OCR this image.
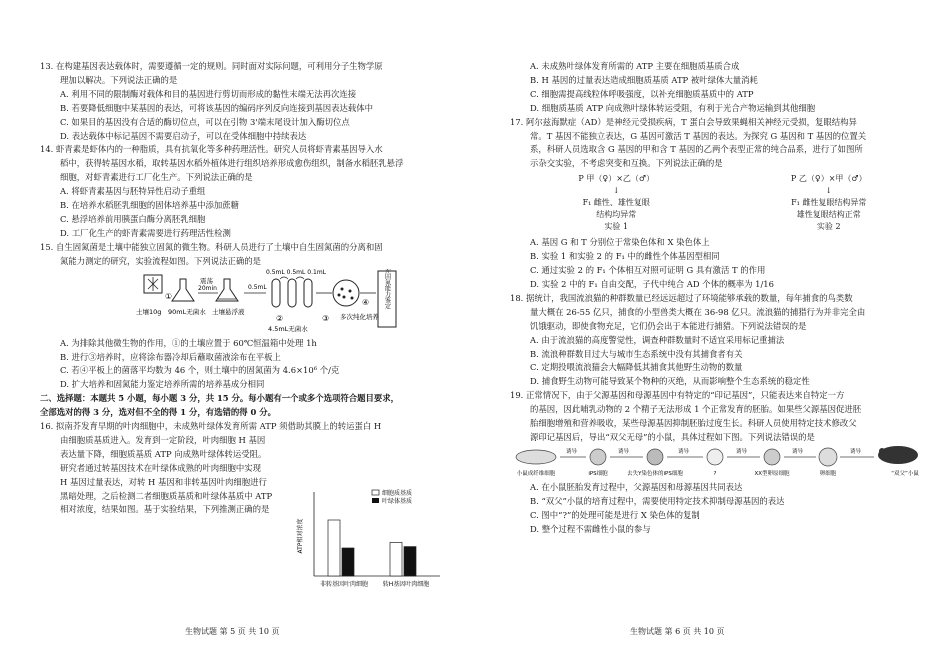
13. 在构建基因表达载体时，需要遵循一定的规则。同时面对实际问题，可利用分子生物学原

理加以解决。下列说法正确的是

A. 利用不同的限制酶对载体和目的基因进行剪切而形成的黏性末端无法再次连接

B. 若要降低细胞中某基因的表达，可将该基因的编码序列反向连接到基因表达载体中

C. 如果目的基因没有合适的酶切位点，可以在引物 3'端末尾设计加入酶切位点

D. 表达载体中标记基因不需要启动子，可以在受体细胞中持续表达

14. 虾青素是虾体内的一种脂质，具有抗氧化等多种药理活性。研究人员将虾青素基因导入水

稻中，获得转基因水稻，取转基因水稻外植体进行组织培养形成愈伤组织，制备水稻胚乳悬浮

细胞，对虾青素进行工厂化生产。下列说法正确的是

A. 将虾青素基因与胚特异性启动子重组

B. 在培养水稻胚乳细胞的固体培养基中添加蔗糖

C. 悬浮培养前用胰蛋白酶分离胚乳细胞

D. 工厂化生产的虾青素需要进行药理活性检测

15. 自生固氮菌是土壤中能独立固氮的微生物。科研人员进行了土壤中自生固氮菌的分离和固

氮能力测定的研究，实验流程如图。下列说法正确的是

土壤10g
①
90mL无菌水
震荡
20min
土壤悬浮液
0.5mL
0.5mL 0.5mL 0.1mL
②
4.5mL无菌水
③
④
多次纯化培养
扩大培养固氮能力鉴定

A. 为排除其他微生物的作用，①的土壤应置于 60℃恒温箱中处理 1h

B. 进行③培养时，应将涂布器冷却后蘸取菌液涂布在平板上

C. 若④平板上的菌落平均数为 46 个，则土壤中的固氮菌为 4.6×10⁶ 个/克

D. 扩大培养和固氮能力鉴定培养所需的培养基成分相同

二、选择题：本题共 5 小题，每小题 3 分，共 15 分。每小题有一个或多个选项符合题目要求，

全部选对的得 3 分，选对但不全的得 1 分，有选错的得 0 分。

16. 拟南芥发育早期的叶肉细胞中，未成熟叶绿体发育所需 ATP 须借助其膜上的转运蛋白 H

由细胞质基质进入。发育到一定阶段，叶肉细胞 H 基因

表达量下降，细胞质基质 ATP 向成熟叶绿体转运受阻。

研究者通过转基因技术在叶绿体成熟的叶肉细胞中实现

H 基因过量表达，对转 H 基因和非转基因叶肉细胞进行

黑暗处理，之后检测二者细胞质基质和叶绿体基质中 ATP

相对浓度，结果如图。基于实验结果，下列推测正确的是

ATP相对浓度
细胞质基质
叶绿体基质
非转基因叶肉细胞 转H基因叶肉细胞
生物试题 第 5 页 共 10 页

A. 未成熟叶绿体发育所需的 ATP 主要在细胞质基质合成

B. H 基因的过量表达造成细胞质基质 ATP 被叶绿体大量消耗

C. 细胞需提高线粒体呼吸强度，以补充细胞质基质中的 ATP

D. 细胞质基质 ATP 向成熟叶绿体转运受阻，有利于光合产物运输到其他细胞

17. 阿尔兹海默症（AD）是神经元受损疾病，T 蛋白会导致果蝇相关神经元受损，复眼结构异

常。T 基因不能独立表达，G 基因可激活 T 基因的表达。为探究 G 基因和 T 基因的位置关

系，科研人员选取含 G 基因的甲和含 T 基因的乙两个表型正常的纯合品系，进行了如图所

示杂交实验，不考虑突变和互换。下列说法正确的是

P 甲（♀）×乙（♂）
↓
F₁ 雌性、雄性复眼
结构均异常
实验 1
P 乙（♀）×甲（♂）
↓
F₁ 雌性复眼结构异常
雄性复眼结构正常
实验 2

A. 基因 G 和 T 分别位于常染色体和 X 染色体上

B. 实验 1 和实验 2 的 F₁ 中的雌性个体基因型相同

C. 通过实验 2 的 F₁ 个体相互对照可证明 G 具有激活 T 的作用

D. 实验 2 中的 F₁ 自由交配，子代中纯合 AD 个体的概率为 1/16

18. 据统计，我国流浪猫的种群数量已经远远超过了环境能够承载的数量，每年捕食的鸟类数

量大概在 26-55 亿只，捕食的小型兽类大概在 36-98 亿只。流浪猫的捕猎行为并非完全由

饥饿驱动，即使食物充足，它们仍会出于本能进行捕猎。下列说法错误的是

A. 由于流浪猫的高度警觉性，调查种群数量时不适宜采用标记重捕法

B. 流浪种群数目过大与城市生态系统中没有其捕食者有关

C. 定期投喂流浪猫会大幅降低其捕食其他野生动物的数量

D. 捕食野生动物可能导致某个物种的灭绝，从而影响整个生态系统的稳定性

19. 正常情况下，由于父源基因和母源基因中有特定的“印记基因”，只能表达来自特定一方

的基因，因此哺乳动物的 2 个精子无法形成 1 个正常发育的胚胎。如果些父源基因促进胚

胎细胞增殖和营养吸收，某些母源基因抑制胚胎过度生长。科研人员使用特定技术修改父

源印记基因后，导出“双父无母”的小鼠，具体过程如下图。下列说法错误的是

诱导	诱导	诱导	诱导	诱导	诱导
小鼠成纤维细胞	iPS细胞	去失Y染色体的iPS细胞	?	XX型卵原细胞	卵细胞	“双父”小鼠

A. 在小鼠胚胎发育过程中，父源基因和母源基因共同表达

B. “双父”小鼠的培育过程中，需要使用特定技术抑制母源基因的表达

C. 图中“?”的处理可能是进行 X 染色体的复制

D. 整个过程不需雌性小鼠的参与

生物试题 第 6 页 共 10 页
